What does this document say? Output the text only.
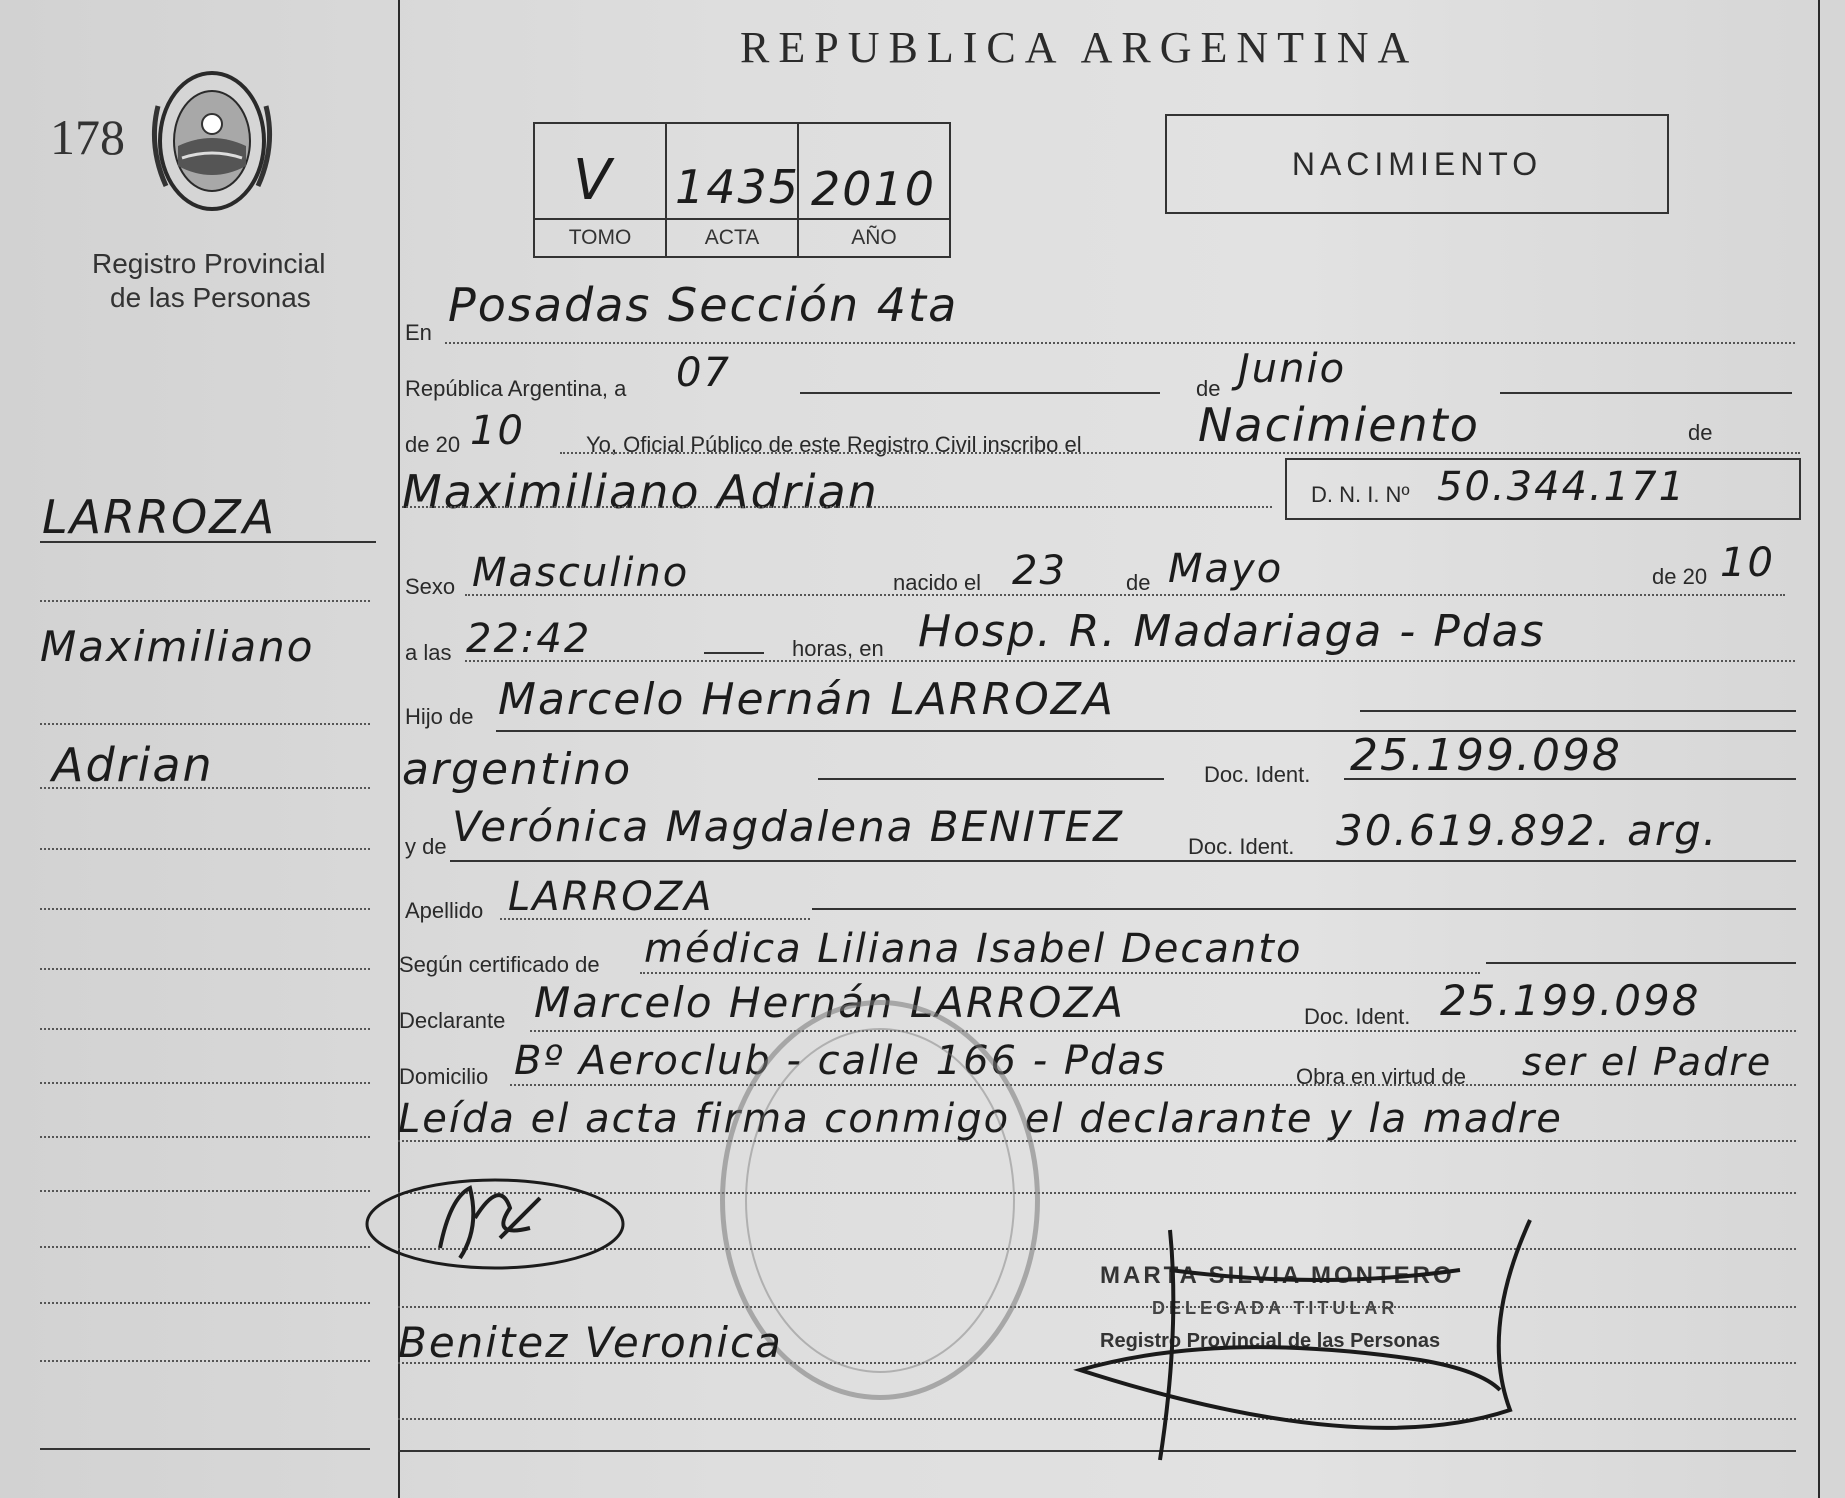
178
Registro Provincial
de las Personas
LARROZA
Maximiliano
Adrian
REPUBLICA ARGENTINA
NACIMIENTO
V 1435 2010
TOMO	ACTA	AÑO
En
Posadas Sección 4ta
República Argentina, a 07	de Junio
de 20 10	Yo, Oficial Público de este Registro Civil inscribo el	Nacimiento	de
Maximiliano Adrian	D. N. I. Nº 50.344.171
Sexo Masculino	nacido el 23	de Mayo	de 20 10
a las 22:42	horas, en Hosp. R. Madariaga - Pdas
Hijo de Marcelo Hernán LARROZA
argentino	Doc. Ident. 25.199.098
y de Verónica Magdalena BENITEZ	Doc. Ident. 30.619.892. arg.
Apellido LARROZA
Según certificado de médica Liliana Isabel Decanto
Declarante Marcelo Hernán LARROZA	Doc. Ident. 25.199.098
Domicilio Bº Aeroclub - calle 166 - Pdas	Obra en virtud de ser el Padre
Leída el acta firma conmigo el declarante y la madre
Benitez Veronica
MARTA SILVIA MONTERO
DELEGADA TITULAR
Registro Provincial de las Personas
